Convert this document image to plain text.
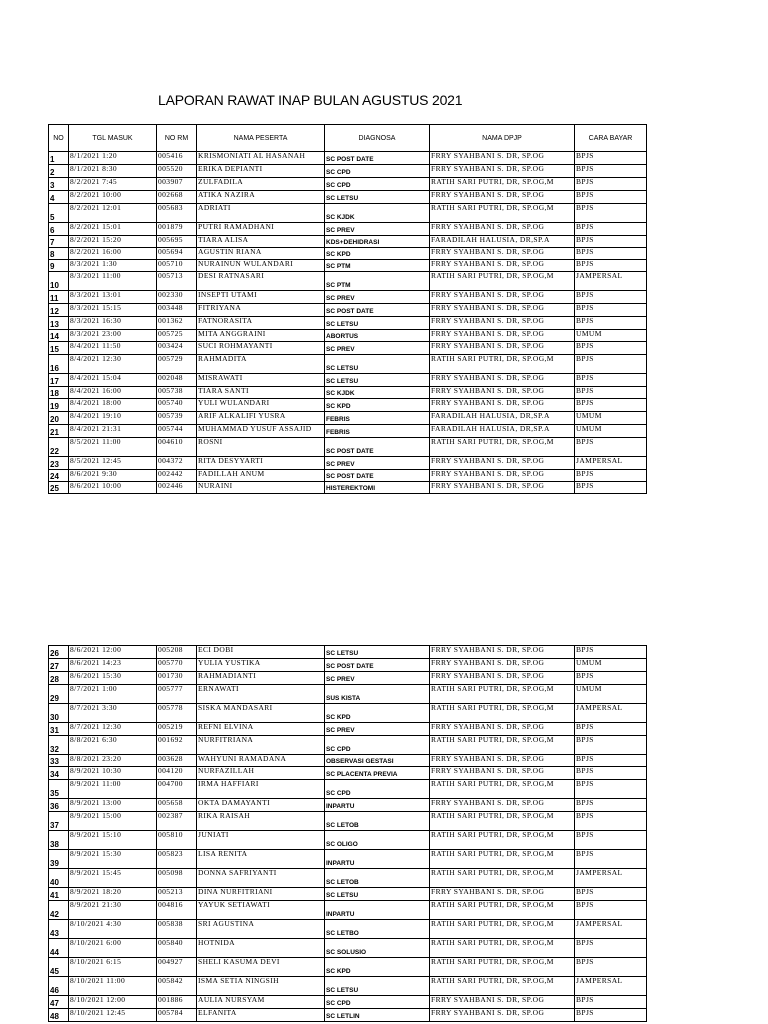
LAPORAN RAWAT INAP BULAN AGUSTUS 2021
NO	TGL MASUK	NO RM	NAMA PESERTA	DIAGNOSA	NAMA DPJP	CARA BAYAR
1	8/1/2021 1:20	005416	KRISMONIATI AL HASANAH	SC POST DATE	FRRY SYAHBANI S. DR, SP.OG	BPJS
2	8/1/2021 8:30	005520	ERIKA DEPIANTI	SC CPD	FRRY SYAHBANI S. DR, SP.OG	BPJS
3	8/2/2021 7:45	003907	ZULFADILA	SC CPD	RATIH SARI PUTRI, DR, SP.OG,M	BPJS
4	8/2/2021 10:00	002668	ATIKA NAZIRA	SC LETSU	FRRY SYAHBANI S. DR, SP.OG	BPJS
5	8/2/2021 12:01	005683	ADRIATI	SC KJDK	RATIH SARI PUTRI, DR, SP.OG,M	BPJS
6	8/2/2021 15:01	001879	PUTRI RAMADHANI	SC PREV	FRRY SYAHBANI S. DR, SP.OG	BPJS
7	8/2/2021 15:20	005695	TIARA ALISA	KDS+DEHIDRASI	FARADILAH HALUSIA, DR,SP.A	BPJS
8	8/2/2021 16:00	005694	AGUSTIN RIANA	SC KPD	FRRY SYAHBANI S. DR, SP.OG	BPJS
9	8/3/2021 1:30	005710	NURAINUN WULANDARI	SC PTM	FRRY SYAHBANI S. DR, SP.OG	BPJS
10	8/3/2021 11:00	005713	DESI RATNASARI	SC PTM	RATIH SARI PUTRI, DR, SP.OG,M	JAMPERSAL
11	8/3/2021 13:01	002330	INSEPTI UTAMI	SC PREV	FRRY SYAHBANI S. DR, SP.OG	BPJS
12	8/3/2021 15:15	003448	FITRIYANA	SC POST DATE	FRRY SYAHBANI S. DR, SP.OG	BPJS
13	8/3/2021 16:30	001362	FATNORASITA	SC LETSU	FRRY SYAHBANI S. DR, SP.OG	BPJS
14	8/3/2021 23:00	005725	MITA ANGGRAINI	ABORTUS	FRRY SYAHBANI S. DR, SP.OG	UMUM
15	8/4/2021 11:50	003424	SUCI ROHMAYANTI	SC PREV	FRRY SYAHBANI S. DR, SP.OG	BPJS
16	8/4/2021 12:30	005729	RAHMADITA	SC LETSU	RATIH SARI PUTRI, DR, SP.OG,M	BPJS
17	8/4/2021 15:04	002048	MISRAWATI	SC LETSU	FRRY SYAHBANI S. DR, SP.OG	BPJS
18	8/4/2021 16:00	005738	TIARA SANTI	SC KJDK	FRRY SYAHBANI S. DR, SP.OG	BPJS
19	8/4/2021 18:00	005740	YULI WULANDARI	SC KPD	FRRY SYAHBANI S. DR, SP.OG	BPJS
20	8/4/2021 19:10	005739	ARIF ALKALIFI YUSRA	FEBRIS	FARADILAH HALUSIA, DR,SP.A	UMUM
21	8/4/2021 21:31	005744	MUHAMMAD YUSUF ASSAJID	FEBRIS	FARADILAH HALUSIA, DR,SP.A	UMUM
22	8/5/2021 11:00	004610	ROSNI	SC POST DATE	RATIH SARI PUTRI, DR, SP.OG,M	BPJS
23	8/5/2021 12:45	004372	RITA DESYYARTI	SC PREV	FRRY SYAHBANI S. DR, SP.OG	JAMPERSAL
24	8/6/2021 9:30	002442	FADILLAH ANUM	SC POST DATE	FRRY SYAHBANI S. DR, SP.OG	BPJS
25	8/6/2021 10:00	002446	NURAINI	HISTEREKTOMI	FRRY SYAHBANI S. DR, SP.OG	BPJS
26	8/6/2021 12:00	005208	ECI DOBI	SC LETSU	FRRY SYAHBANI S. DR, SP.OG	BPJS
27	8/6/2021 14:23	005770	YULIA YUSTIKA	SC POST DATE	FRRY SYAHBANI S. DR, SP.OG	UMUM
28	8/6/2021 15:30	001730	RAHMADIANTI	SC PREV	FRRY SYAHBANI S. DR, SP.OG	BPJS
29	8/7/2021 1:00	005777	ERNAWATI	SUS KISTA	RATIH SARI PUTRI, DR, SP.OG,M	UMUM
30	8/7/2021 3:30	005778	SISKA MANDASARI	SC KPD	RATIH SARI PUTRI, DR, SP.OG,M	JAMPERSAL
31	8/7/2021 12:30	005219	REFNI ELVINA	SC PREV	FRRY SYAHBANI S. DR, SP.OG	BPJS
32	8/8/2021 6:30	001692	NURFITRIANA	SC CPD	RATIH SARI PUTRI, DR, SP.OG,M	BPJS
33	8/8/2021 23:20	003628	WAHYUNI RAMADANA	OBSERVASI GESTASI	FRRY SYAHBANI S. DR, SP.OG	BPJS
34	8/9/2021 10:30	004120	NURFAZILLAH	SC PLACENTA PREVIA	FRRY SYAHBANI S. DR, SP.OG	BPJS
35	8/9/2021 11:00	004700	IRMA HAFFIARI	SC CPD	RATIH SARI PUTRI, DR, SP.OG,M	BPJS
36	8/9/2021 13:00	005658	OKTA DAMAYANTI	INPARTU	FRRY SYAHBANI S. DR, SP.OG	BPJS
37	8/9/2021 15:00	002387	RIKA RAISAH	SC LETOB	RATIH SARI PUTRI, DR, SP.OG,M	BPJS
38	8/9/2021 15:10	005810	JUNIATI	SC OLIGO	RATIH SARI PUTRI, DR, SP.OG,M	BPJS
39	8/9/2021 15:30	005823	LISA RENITA	INPARTU	RATIH SARI PUTRI, DR, SP.OG,M	BPJS
40	8/9/2021 15:45	005098	DONNA SAFRIYANTI	SC LETOB	RATIH SARI PUTRI, DR, SP.OG,M	JAMPERSAL
41	8/9/2021 18:20	005213	DINA NURFITRIANI	SC LETSU	FRRY SYAHBANI S. DR, SP.OG	BPJS
42	8/9/2021 21:30	004816	YAYUK SETIAWATI	INPARTU	RATIH SARI PUTRI, DR, SP.OG,M	BPJS
43	8/10/2021 4:30	005838	SRI AGUSTINA	SC LETBO	RATIH SARI PUTRI, DR, SP.OG,M	JAMPERSAL
44	8/10/2021 6:00	005840	HOTNIDA	SC SOLUSIO	RATIH SARI PUTRI, DR, SP.OG,M	BPJS
45	8/10/2021 6:15	004927	SHELI KASUMA DEVI	SC KPD	RATIH SARI PUTRI, DR, SP.OG,M	BPJS
46	8/10/2021 11:00	005842	ISMA SETIA NINGSIH	SC LETSU	RATIH SARI PUTRI, DR, SP.OG,M	JAMPERSAL
47	8/10/2021 12:00	001886	AULIA NURSYAM	SC CPD	FRRY SYAHBANI S. DR, SP.OG	BPJS
48	8/10/2021 12:45	005784	ELFANITA	SC LETLIN	FRRY SYAHBANI S. DR, SP.OG	BPJS
